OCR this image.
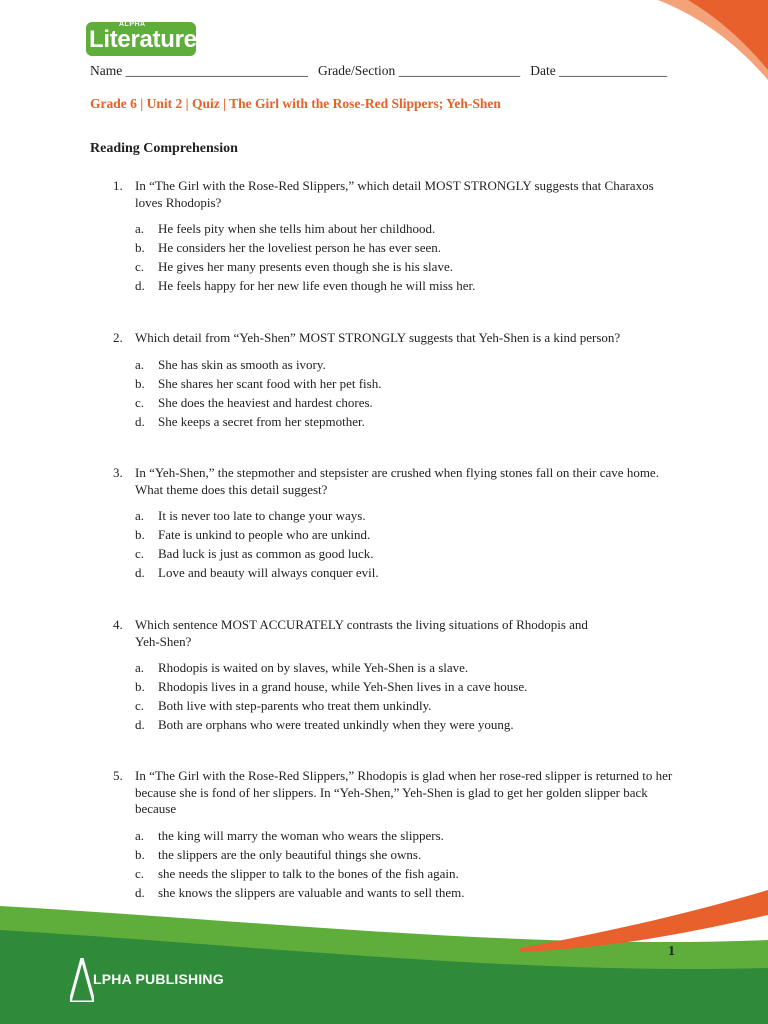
ALPHA
Literature
Name ___________________________   Grade/Section __________________   Date ________________
Grade 6 | Unit 2 | Quiz | The Girl with the Rose-Red Slippers; Yeh-Shen
Reading Comprehension
1. In “The Girl with the Rose-Red Slippers,” which detail MOST STRONGLY suggests that Charaxos loves Rhodopis?
a. He feels pity when she tells him about her childhood.
b. He considers her the loveliest person he has ever seen.
c. He gives her many presents even though she is his slave.
d. He feels happy for her new life even though he will miss her.
2. Which detail from “Yeh-Shen” MOST STRONGLY suggests that Yeh-Shen is a kind person?
a. She has skin as smooth as ivory.
b. She shares her scant food with her pet fish.
c. She does the heaviest and hardest chores.
d. She keeps a secret from her stepmother.
3. In “Yeh-Shen,” the stepmother and stepsister are crushed when flying stones fall on their cave home. What theme does this detail suggest?
a. It is never too late to change your ways.
b. Fate is unkind to people who are unkind.
c. Bad luck is just as common as good luck.
d. Love and beauty will always conquer evil.
4. Which sentence MOST ACCURATELY contrasts the living situations of Rhodopis and Yeh-Shen?
a. Rhodopis is waited on by slaves, while Yeh-Shen is a slave.
b. Rhodopis lives in a grand house, while Yeh-Shen lives in a cave house.
c. Both live with step-parents who treat them unkindly.
d. Both are orphans who were treated unkindly when they were young.
5. In “The Girl with the Rose-Red Slippers,” Rhodopis is glad when her rose-red slipper is returned to her because she is fond of her slippers. In “Yeh-Shen,” Yeh-Shen is glad to get her golden slipper back because
a. the king will marry the woman who wears the slippers.
b. the slippers are the only beautiful things she owns.
c. she needs the slipper to talk to the bones of the fish again.
d. she knows the slippers are valuable and wants to sell them.
LPHA PUBLISHING
1
